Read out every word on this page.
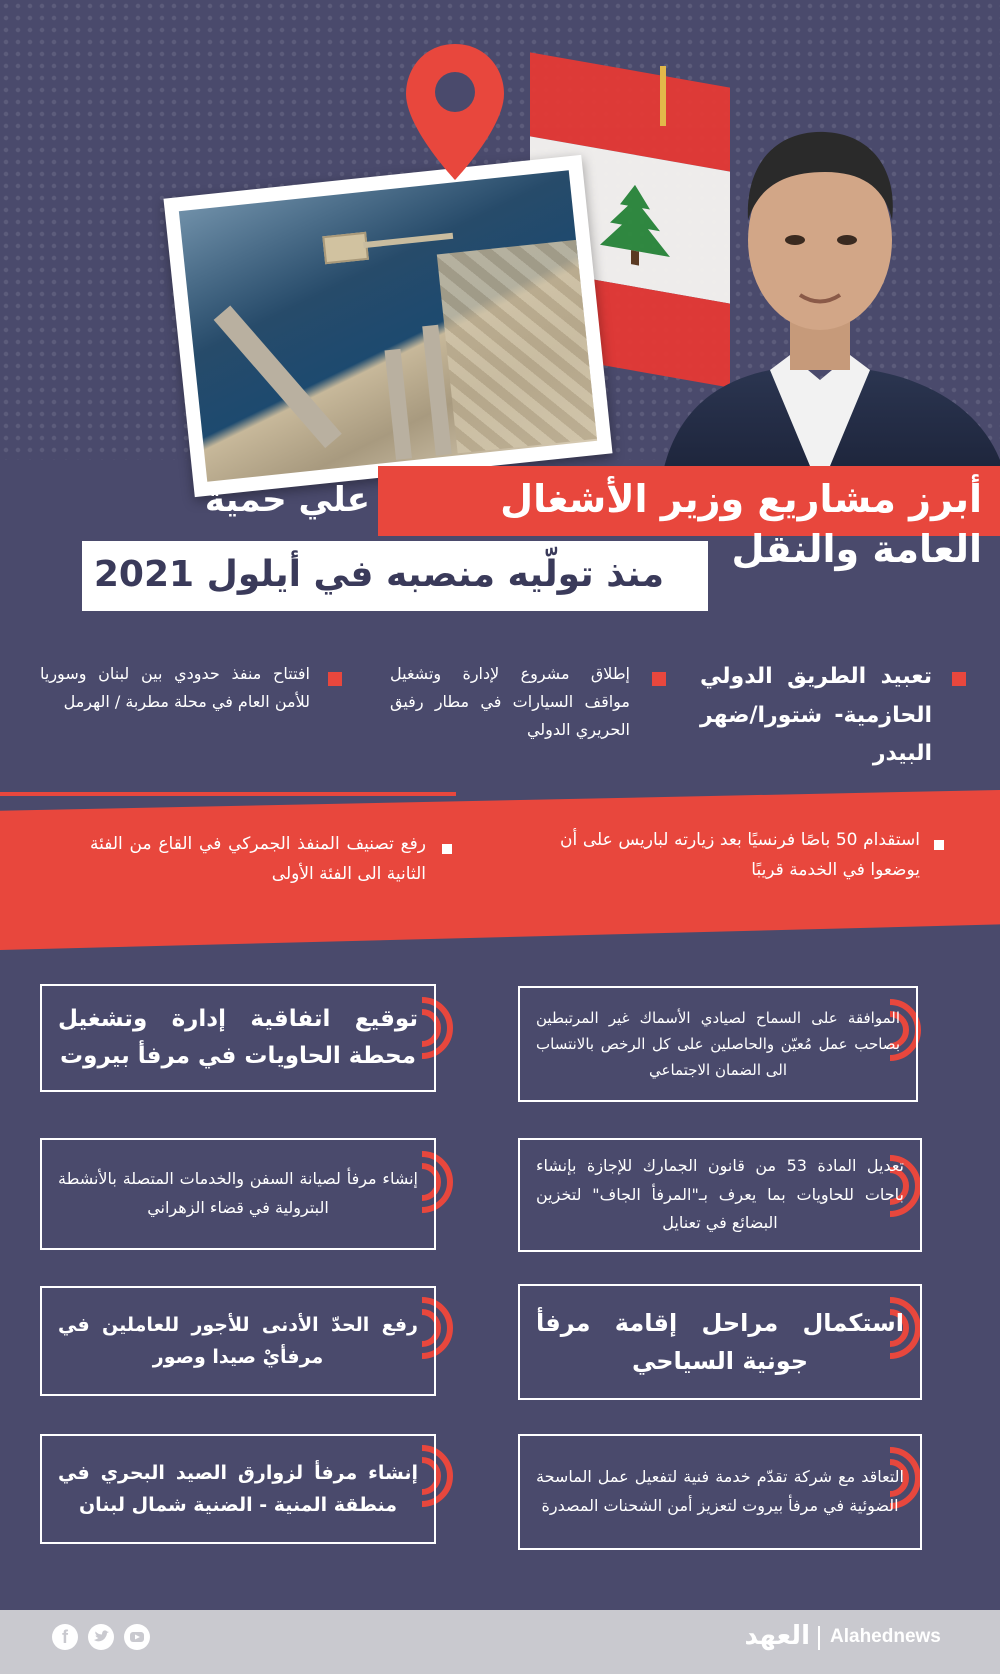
أبرز مشاريع وزير الأشغال العامة والنقل
علي حمية
منذ تولّيه منصبه في أيلول 2021
تعبيد الطريق الدولي الحازمية- شتورا/ضهر البيدر
إطلاق مشروع لإدارة وتشغيل مواقف السيارات في مطار رفيق الحريري الدولي
افتتاح منفذ حدودي بين لبنان وسوريا للأمن العام في محلة مطربة / الهرمل
استقدام 50 باصًا فرنسيًا بعد زيارته لباريس على أن يوضعوا في الخدمة قريبًا
رفع تصنيف المنفذ الجمركي في القاع من الفئة الثانية الى الفئة الأولى
الموافقة على السماح لصيادي الأسماك غير المرتبطين بصاحب عمل مُعيّن والحاصلين على كل الرخص بالانتساب الى الضمان الاجتماعي
تعديل المادة 53 من قانون الجمارك للإجازة بإنشاء باحات للحاويات بما يعرف بـ"المرفأ الجاف" لتخزين البضائع في تعنايل
استكمال مراحل إقامة مرفأ جونية السياحي
التعاقد مع شركة تقدّم خدمة فنية لتفعيل عمل الماسحة الضوئية في مرفأ بيروت لتعزيز أمن الشحنات المصدرة
توقيع اتفاقية إدارة وتشغيل محطة الحاويات في مرفأ بيروت
إنشاء مرفأ لصيانة السفن والخدمات المتصلة بالأنشطة البترولية في قضاء الزهراني
رفع الحدّ الأدنى للأجور للعاملين في مرفأيْ صيدا وصور
إنشاء مرفأ لزوارق الصيد البحري في منطقة المنية - الضنية شمال لبنان
العهد Alahednews
f
